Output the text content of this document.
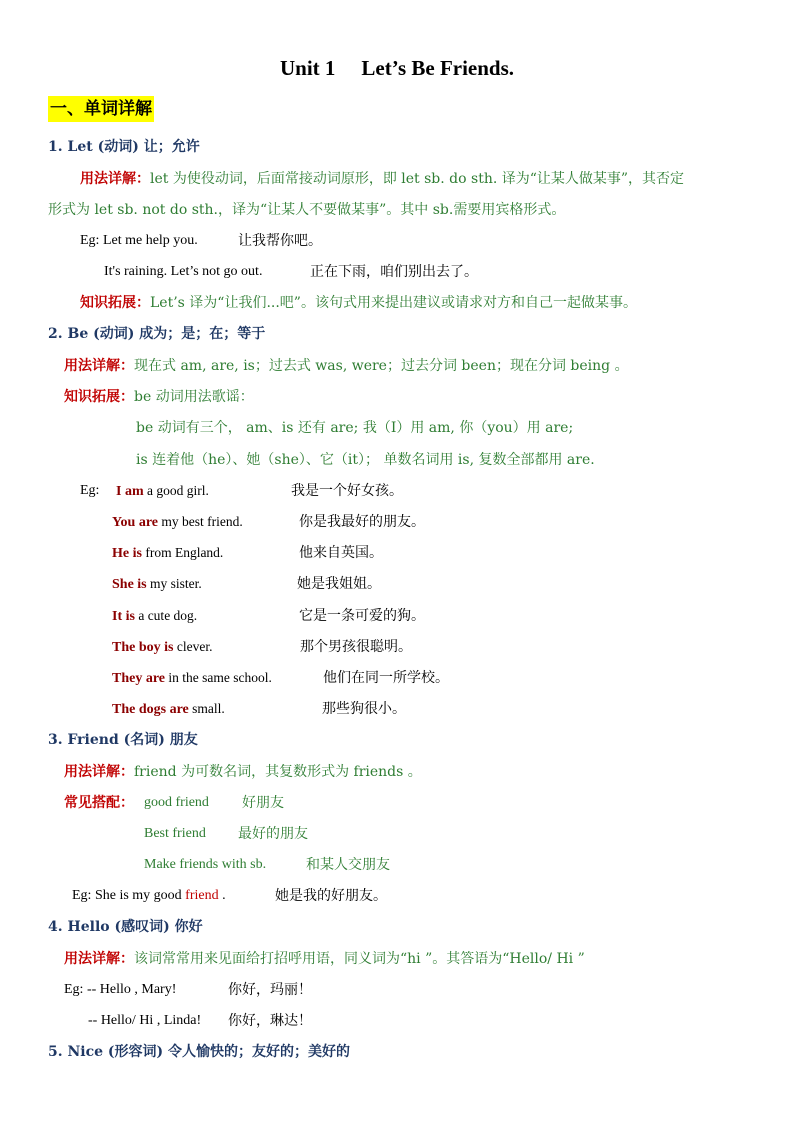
Unit 1 Let’s Be Friends.
一、单词详解
1. Let (动词) 让；允许
用法详解：let 为使役动词，后面常接动词原形，即 let sb. do sth. 译为“让某人做某事”，其否定
形式为 let sb. not do sth.，译为“让某人不要做某事”。其中 sb.需要用宾格形式。
Eg: Let me help you.	让我帮你吧。
It's raining. Let’s not go out.	正在下雨，咱们别出去了。
知识拓展：Let’s 译为“让我们...吧”。该句式用来提出建议或请求对方和自己一起做某事。
2. Be (动词) 成为；是；在；等于
用法详解：现在式 am, are, is；过去式 was, were；过去分词 been；现在分词 being 。
知识拓展：be 动词用法歌谣：
be 动词有三个， am、is 还有 are; 我（I）用 am, 你（you）用 are;
is 连着他（he）、她（she）、它（it）； 单数名词用 is, 复数全部都用 are.
Eg: I am a good girl.	我是一个好女孩。
You are my best friend.	你是我最好的朋友。
He is from England.	他来自英国。
She is my sister.	她是我姐姐。
It is a cute dog.	它是一条可爱的狗。
The boy is clever.	那个男孩很聪明。
They are in the same school.	他们在同一所学校。
The dogs are small.	那些狗很小。
3. Friend (名词) 朋友
用法详解：friend 为可数名词，其复数形式为 friends 。
常见搭配： good friend 好朋友
Best friend 最好的朋友
Make friends with sb.	和某人交朋友
Eg: She is my good friend .	她是我的好朋友。
4. Hello (感叹词) 你好
用法详解：该词常常用来见面给打招呼用语，同义词为“hi ”。其答语为“Hello/ Hi ”
Eg: -- Hello , Mary!	你好，玛丽！
-- Hello/ Hi , Linda! 你好，琳达！
5. Nice (形容词) 令人愉快的；友好的；美好的
